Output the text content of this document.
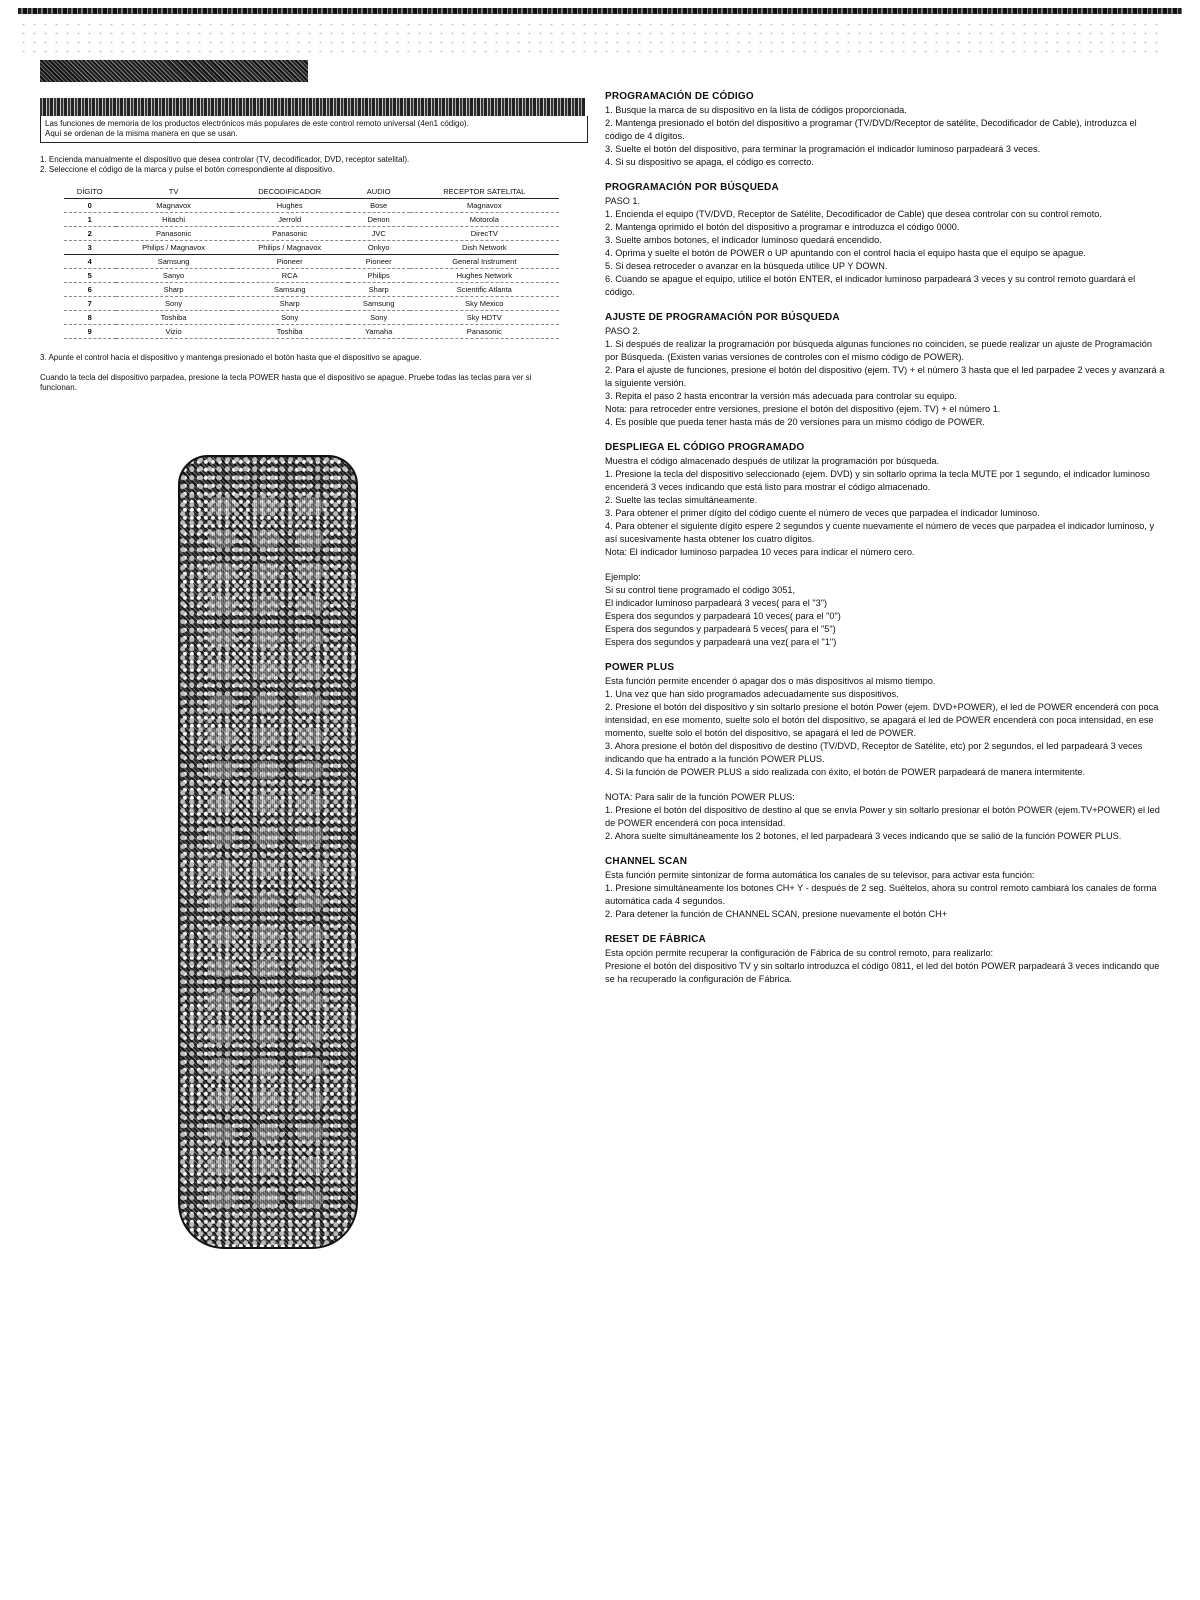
Las funciones de memoria de los productos electrónicos más populares de este control remoto universal (4en1 código).
Aquí se ordenan de la misma manera en que se usan.
1. Encienda manualmente el dispositivo que desea controlar (TV, decodificador, DVD, receptor satelital).
2. Seleccione el código de la marca y pulse el botón correspondiente al dispositivo.
DÍGITO	TV	DECODIFICADOR	AUDIO	RECEPTOR SATELITAL
0	Magnavox	Hughes	Bose	Magnavox
1	Hitachi	Jerrold	Denon	Motorola
2	Panasonic	Panasonic	JVC	DirecTV
3	Philips / Magnavox	Philips / Magnavox	Onkyo	Dish Network
4	Samsung	Pioneer	Pioneer	General Instrument
5	Sanyo	RCA	Philips	Hughes Network
6	Sharp	Samsung	Sharp	Scientific Atlanta
7	Sony	Sharp	Samsung	Sky Mexico
8	Toshiba	Sony	Sony	Sky HDTV
9	Vizio	Toshiba	Yamaha	Panasonic
3. Apunte el control hacia el dispositivo y mantenga presionado el botón hasta que el dispositivo se apague.
Cuando la tecla del dispositivo parpadea, presione la tecla POWER hasta que el dispositivo se apague. Pruebe todas las teclas para ver si funcionan.
PROGRAMACIÓN DE CÓDIGO

1. Busque la marca de su dispositivo en la lista de códigos proporcionada.

2. Mantenga presionado el botón del dispositivo a programar (TV/DVD/Receptor de satélite, Decodificador de Cable), introduzca el código de 4 dígitos.

3. Suelte el botón del dispositivo, para terminar la programación el indicador luminoso parpadeará 3 veces.

4. Si su dispositivo se apaga, el código es correcto.

PROGRAMACIÓN POR BÚSQUEDA

PASO 1.

1. Encienda el equipo (TV/DVD, Receptor de Satélite, Decodificador de Cable) que desea controlar con su control remoto.

2. Mantenga oprimido el botón del dispositivo a programar e introduzca el código 0000.

3. Suelte ambos botones, el indicador luminoso quedará encendido.

4. Oprima y suelte el botón de POWER o UP apuntando con el control hacia el equipo hasta que el equipo se apague.

5. Si desea retroceder o avanzar en la búsqueda utilice UP Y DOWN.

6. Cuando se apague el equipo, utilice el botón ENTER, el indicador luminoso parpadeará 3 veces y su control remoto guardará el código.

AJUSTE DE PROGRAMACIÓN POR BÚSQUEDA

PASO 2.

1. Si después de realizar la programación por búsqueda algunas funciones no coinciden, se puede realizar un ajuste de Programación por Búsqueda. (Existen varias versiones de controles con el mismo código de POWER).

2. Para el ajuste de funciones, presione el botón del dispositivo (ejem. TV) + el número 3 hasta que el led parpadee 2 veces y avanzará a la siguiente versión.

3. Repita el paso 2 hasta encontrar la versión más adecuada para controlar su equipo.

Nota: para retroceder entre versiones, presione el botón del dispositivo (ejem. TV) + el número 1.

4. Es posible que pueda tener hasta más de 20 versiones para un mismo código de POWER.

DESPLIEGA EL CÓDIGO PROGRAMADO

Muestra el código almacenado después de utilizar la programación por búsqueda.

1. Presione la tecla del dispositivo seleccionado (ejem. DVD) y sin soltarlo oprima la tecla MUTE por 1 segundo, el indicador luminoso encenderá 3 veces indicando que está listo para mostrar el código almacenado.

2. Suelte las teclas simultáneamente.

3. Para obtener el primer dígito del código cuente el número de veces que parpadea el indicador luminoso.

4. Para obtener el siguiente dígito espere 2 segundos y cuente nuevamente el número de veces que parpadea el indicador luminoso, y así sucesivamente hasta obtener los cuatro dígitos.

Nota: El indicador luminoso parpadea 10 veces para indicar el número cero.

Ejemplo:

Si su control tiene programado el código 3051,

El indicador luminoso parpadeará 3 veces( para el "3")

Espera dos segundos y parpadeará 10 veces( para el "0")

Espera dos segundos y parpadeará 5 veces( para el "5")

Espera dos segundos y parpadeará una vez( para el "1")

POWER PLUS

Esta función permite encender ó apagar dos o más dispositivos al mismo tiempo.

1. Una vez que han sido programados adecuadamente sus dispositivos.

2. Presione el botón del dispositivo y sin soltarlo presione el botón Power (ejem. DVD+POWER), el led de POWER encenderá con poca intensidad, en ese momento, suelte solo el botón del dispositivo, se apagará el led de POWER encenderá con poca intensidad, en ese momento, suelte solo el botón del dispositivo, se apagará el led de POWER.

3. Ahora presione el botón del dispositivo de destino (TV/DVD, Receptor de Satélite, etc) por 2 segundos, el led parpadeará 3 veces indicando que ha entrado a la función POWER PLUS.

4. Si la función de POWER PLUS a sido realizada con éxito, el botón de POWER parpadeará de manera intermitente.

NOTA: Para salir de la función POWER PLUS:

1. Presione el botón del dispositivo de destino al que se envía Power y sin soltarlo presionar el botón POWER (ejem.TV+POWER) el led de POWER encenderá con poca intensidad.

2. Ahora suelte simultáneamente los 2 botones, el led parpadeará 3 veces indicando que se salió de la función POWER PLUS.

CHANNEL SCAN

Esta función permite sintonizar de forma automática los canales de su televisor, para activar esta función:

1. Presione simultáneamente los botones CH+ Y - después de 2 seg. Suéltelos, ahora su control remoto cambiará los canales de forma automática cada 4 segundos.

2. Para detener la función de CHANNEL SCAN, presione nuevamente el botón CH+

RESET DE FÁBRICA

Esta opción permite recuperar la configuración de Fábrica de su control remoto, para realizarlo:

Presione el botón del dispositivo TV y sin soltarlo introduzca el código 0811, el led del botón POWER parpadeará 3 veces indicando que se ha recuperado la configuración de Fábrica.
